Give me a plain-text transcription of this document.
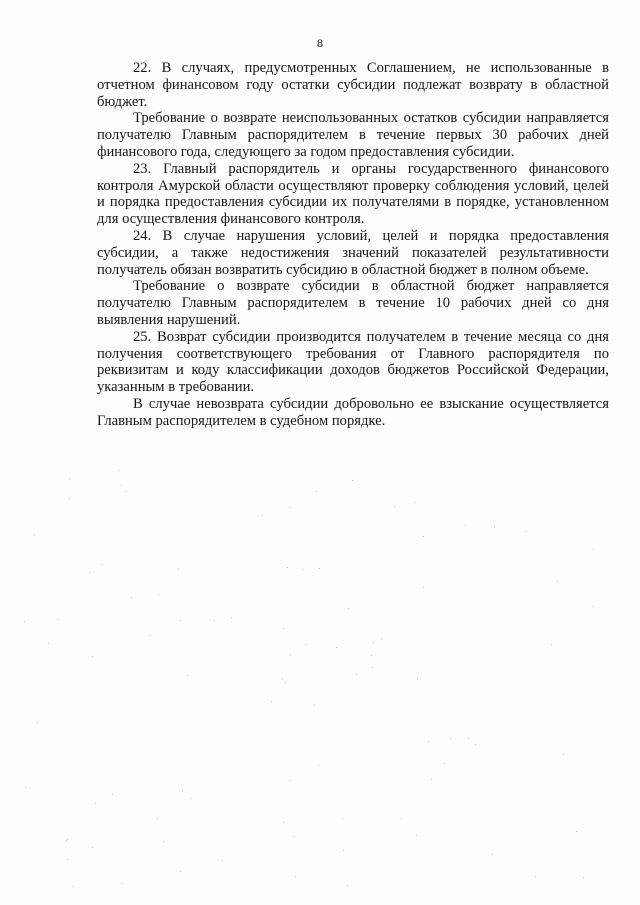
8

22. В случаях, предусмотренных Соглашением, не использованные в отчетном финансовом году остатки субсидии подлежат возврату в областной бюджет.

Требование о возврате неиспользованных остатков субсидии направляется получателю Главным распорядителем в течение первых 30 рабочих дней финансового года, следующего за годом предоставления субсидии.

23. Главный распорядитель и органы государственного финансового контроля Амурской области осуществляют проверку соблюдения условий, целей и порядка предоставления субсидии их получателями в порядке, установленном для осуществления финансового контроля.

24. В случае нарушения условий, целей и порядка предоставления субсидии, а также недостижения значений показателей результативности получатель обязан возвратить субсидию в областной бюджет в полном объеме.

Требование о возврате субсидии в областной бюджет направляется получателю Главным распорядителем в течение 10 рабочих дней со дня выявления нарушений.

25. Возврат субсидии производится получателем в течение месяца со дня получения соответствующего требования от Главного распорядителя по реквизитам и коду классификации доходов бюджетов Российской Федерации, указанным в требовании.

В случае невозврата субсидии добровольно ее взыскание осуществляется Главным распорядителем в судебном порядке.
